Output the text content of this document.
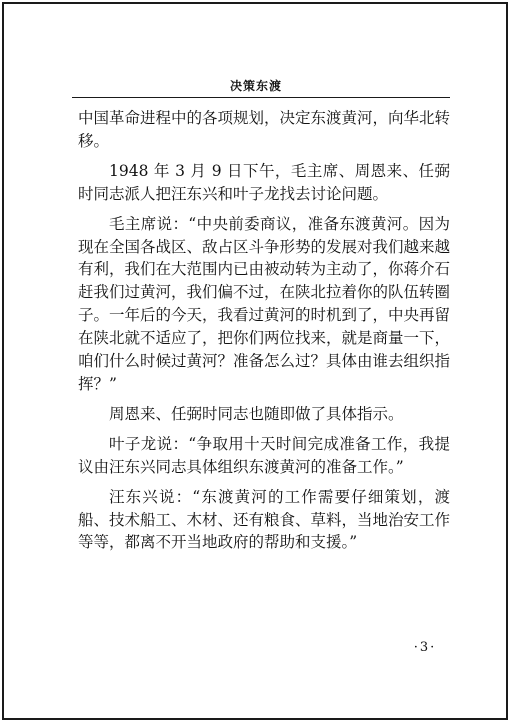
决策东渡

中国革命进程中的各项规划，决定东渡黄河，向华北转移。

1948 年 3 月 9 日下午，毛主席、周恩来、任弼时同志派人把汪东兴和叶子龙找去讨论问题。

毛主席说：“中央前委商议，准备东渡黄河。因为现在全国各战区、敌占区斗争形势的发展对我们越来越有利，我们在大范围内已由被动转为主动了，你蒋介石赶我们过黄河，我们偏不过，在陕北拉着你的队伍转圈子。一年后的今天，我看过黄河的时机到了，中央再留在陕北就不适应了，把你们两位找来，就是商量一下，咱们什么时候过黄河？准备怎么过？具体由谁去组织指挥？”

周恩来、任弼时同志也随即做了具体指示。

叶子龙说：“争取用十天时间完成准备工作，我提议由汪东兴同志具体组织东渡黄河的准备工作。”

汪东兴说：“东渡黄河的工作需要仔细策划，渡船、技术船工、木材、还有粮食、草料，当地治安工作等等，都离不开当地政府的帮助和支援。”

·3·
